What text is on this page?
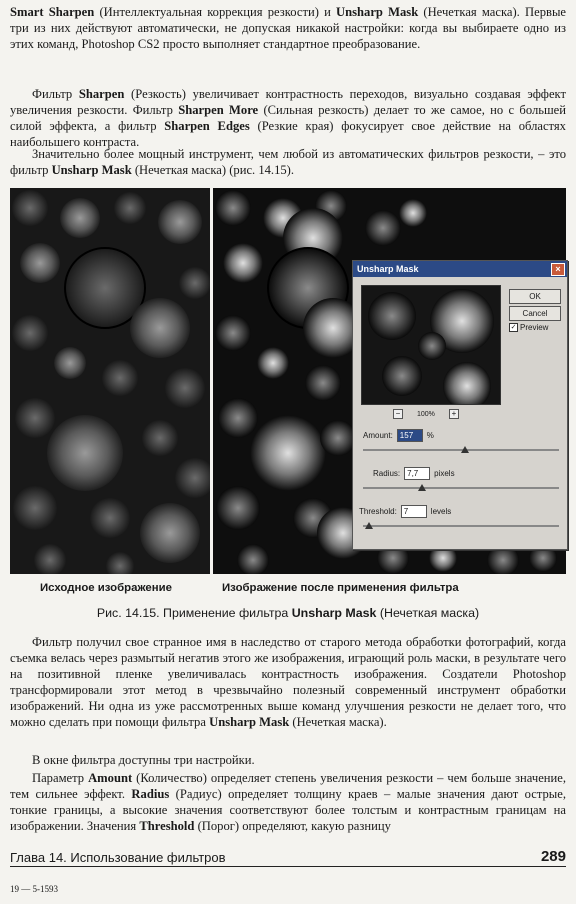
Smart Sharpen (Интеллектуальная коррекция резкости) и Unsharp Mask (Нечеткая маска). Первые три из них действуют автоматически, не допуская никакой настройки: когда вы выбираете одно из этих команд, Photoshop CS2 просто выполняет стандартное преобразование.

Фильтр Sharpen (Резкость) увеличивает контрастность переходов, визуально создавая эффект увеличения резкости. Фильтр Sharpen More (Сильная резкость) делает то же самое, но с большей силой эффекта, а фильтр Sharpen Edges (Резкие края) фокусирует свое действие на областях наибольшего контраста.

Значительно более мощный инструмент, чем любой из автоматических фильтров резкости, – это фильтр Unsharp Mask (Нечеткая маска) (рис. 14.15).

Unsharp Mask	×
OK
Cancel
✓ Preview
−	100%	+
Amount: 157	%
Radius: 7,7	pixels
Threshold: 7	levels
Исходное изображение	Изображение после применения фильтра
Рис. 14.15. Применение фильтра Unsharp Mask (Нечеткая маска)

Фильтр получил свое странное имя в наследство от старого метода обработки фотографий, когда съемка велась через размытый негатив этого же изображения, играющий роль маски, в результате чего на позитивной пленке увеличивалась контрастность изображения. Создатели Photoshop трансформировали этот метод в чрезвычайно полезный современный инструмент обработки изображений. Ни одна из уже рассмотренных выше команд улучшения резкости не делает того, что можно сделать при помощи фильтра Unsharp Mask (Нечеткая маска).

В окне фильтра доступны три настройки.

Параметр Amount (Количество) определяет степень увеличения резкости – чем больше значение, тем сильнее эффект. Radius (Радиус) определяет толщину краев – малые значения дают острые, тонкие границы, а высокие значения соответствуют более толстым и контрастным границам на изображении. Значения Threshold (Порог) определяют, какую разницу

Глава 14. Использование фильтров	289
19 — 5-1593
